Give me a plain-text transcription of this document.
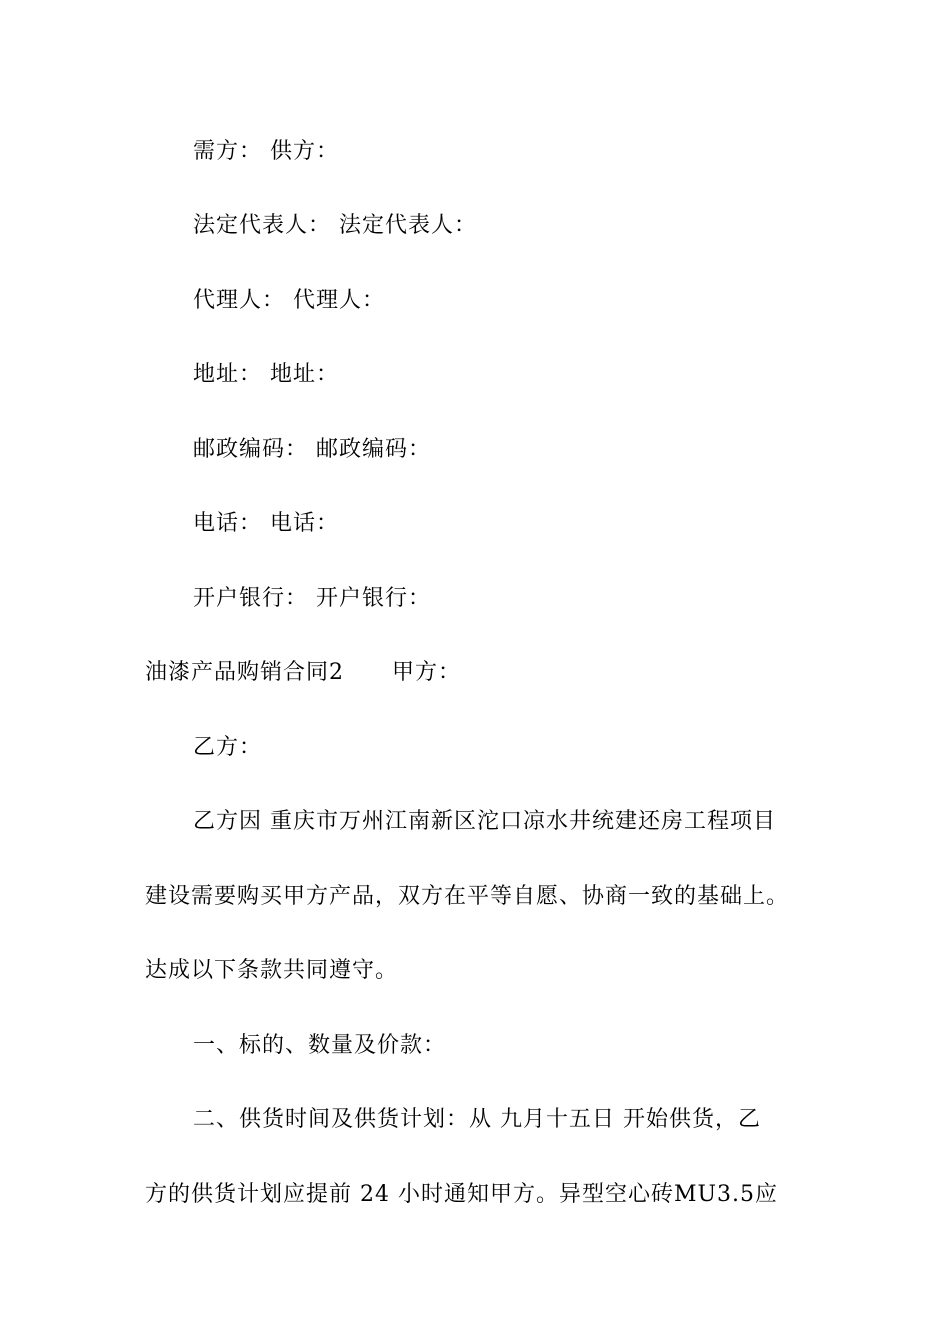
需方： 供方：
法定代表人： 法定代表人：
代理人： 代理人：
地址： 地址：
邮政编码： 邮政编码：
电话： 电话：
开户银行： 开户银行：
油漆产品购销合同2 甲方：
乙方：
乙方因 重庆市万州江南新区沱口凉水井统建还房工程项目
建设需要购买甲方产品，双方在平等自愿、协商一致的基础上。
达成以下条款共同遵守。
一、标的、数量及价款：
二、供货时间及供货计划：从 九月十五日 开始供货，乙
方的供货计划应提前 24 小时通知甲方。异型空心砖MU3.5应
